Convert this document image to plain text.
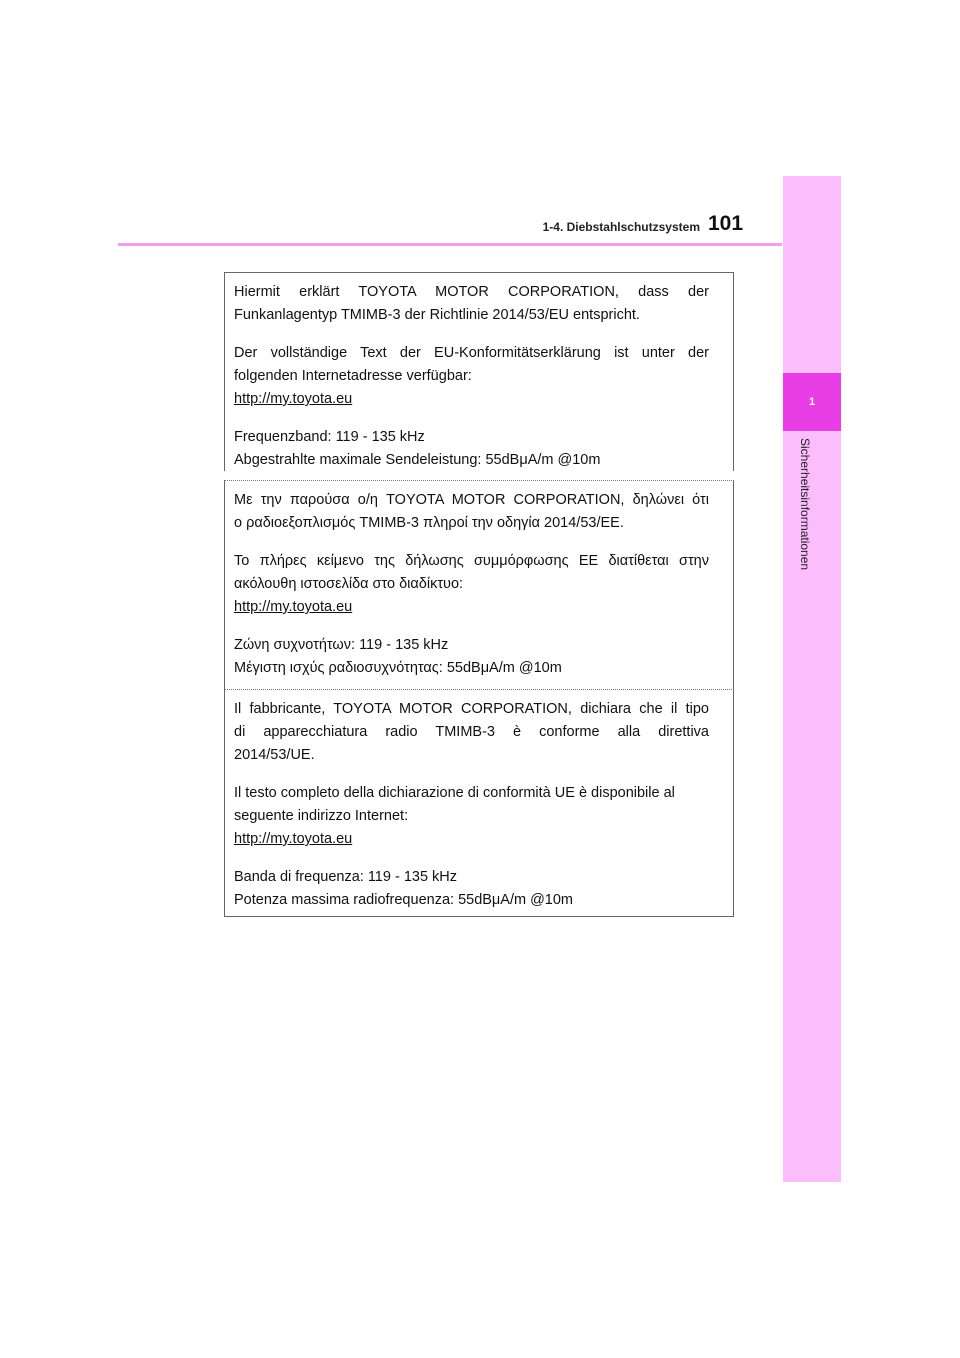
1-4. Diebstahlschutzsystem 101
1
Sicherheitsinformationen

Hiermit erklärt TOYOTA MOTOR CORPORATION, dass der

Funkanlagentyp TMIMB-3 der Richtlinie 2014/53/EU entspricht.

Der vollständige Text der EU-Konformitätserklärung ist unter der

folgenden Internetadresse verfügbar:

http://my.toyota.eu

Frequenzband: 119 - 135 kHz

Abgestrahlte maximale Sendeleistung: 55dBμA/m @10m

Με την παρούσα ο/η TOYOTA MOTOR CORPORATION, δηλώνει ότι

ο ραδιοεξοπλισμός TMIMB-3 πληροί την οδηγία 2014/53/ΕΕ.

Το πλήρες κείμενο της δήλωσης συμμόρφωσης ΕΕ διατίθεται στην

ακόλουθη ιστοσελίδα στο διαδίκτυο:

http://my.toyota.eu

Ζώνη συχνοτήτων: 119 - 135 kHz

Μέγιστη ισχύς ραδιοσυχνότητας: 55dBμA/m @10m

Il fabbricante, TOYOTA MOTOR CORPORATION, dichiara che il tipo

di apparecchiatura radio TMIMB-3 è conforme alla direttiva

2014/53/UE.

Il testo completo della dichiarazione di conformità UE è disponibile al

seguente indirizzo Internet:

http://my.toyota.eu

Banda di frequenza: 119 - 135 kHz

Potenza massima radiofrequenza: 55dBμA/m @10m
